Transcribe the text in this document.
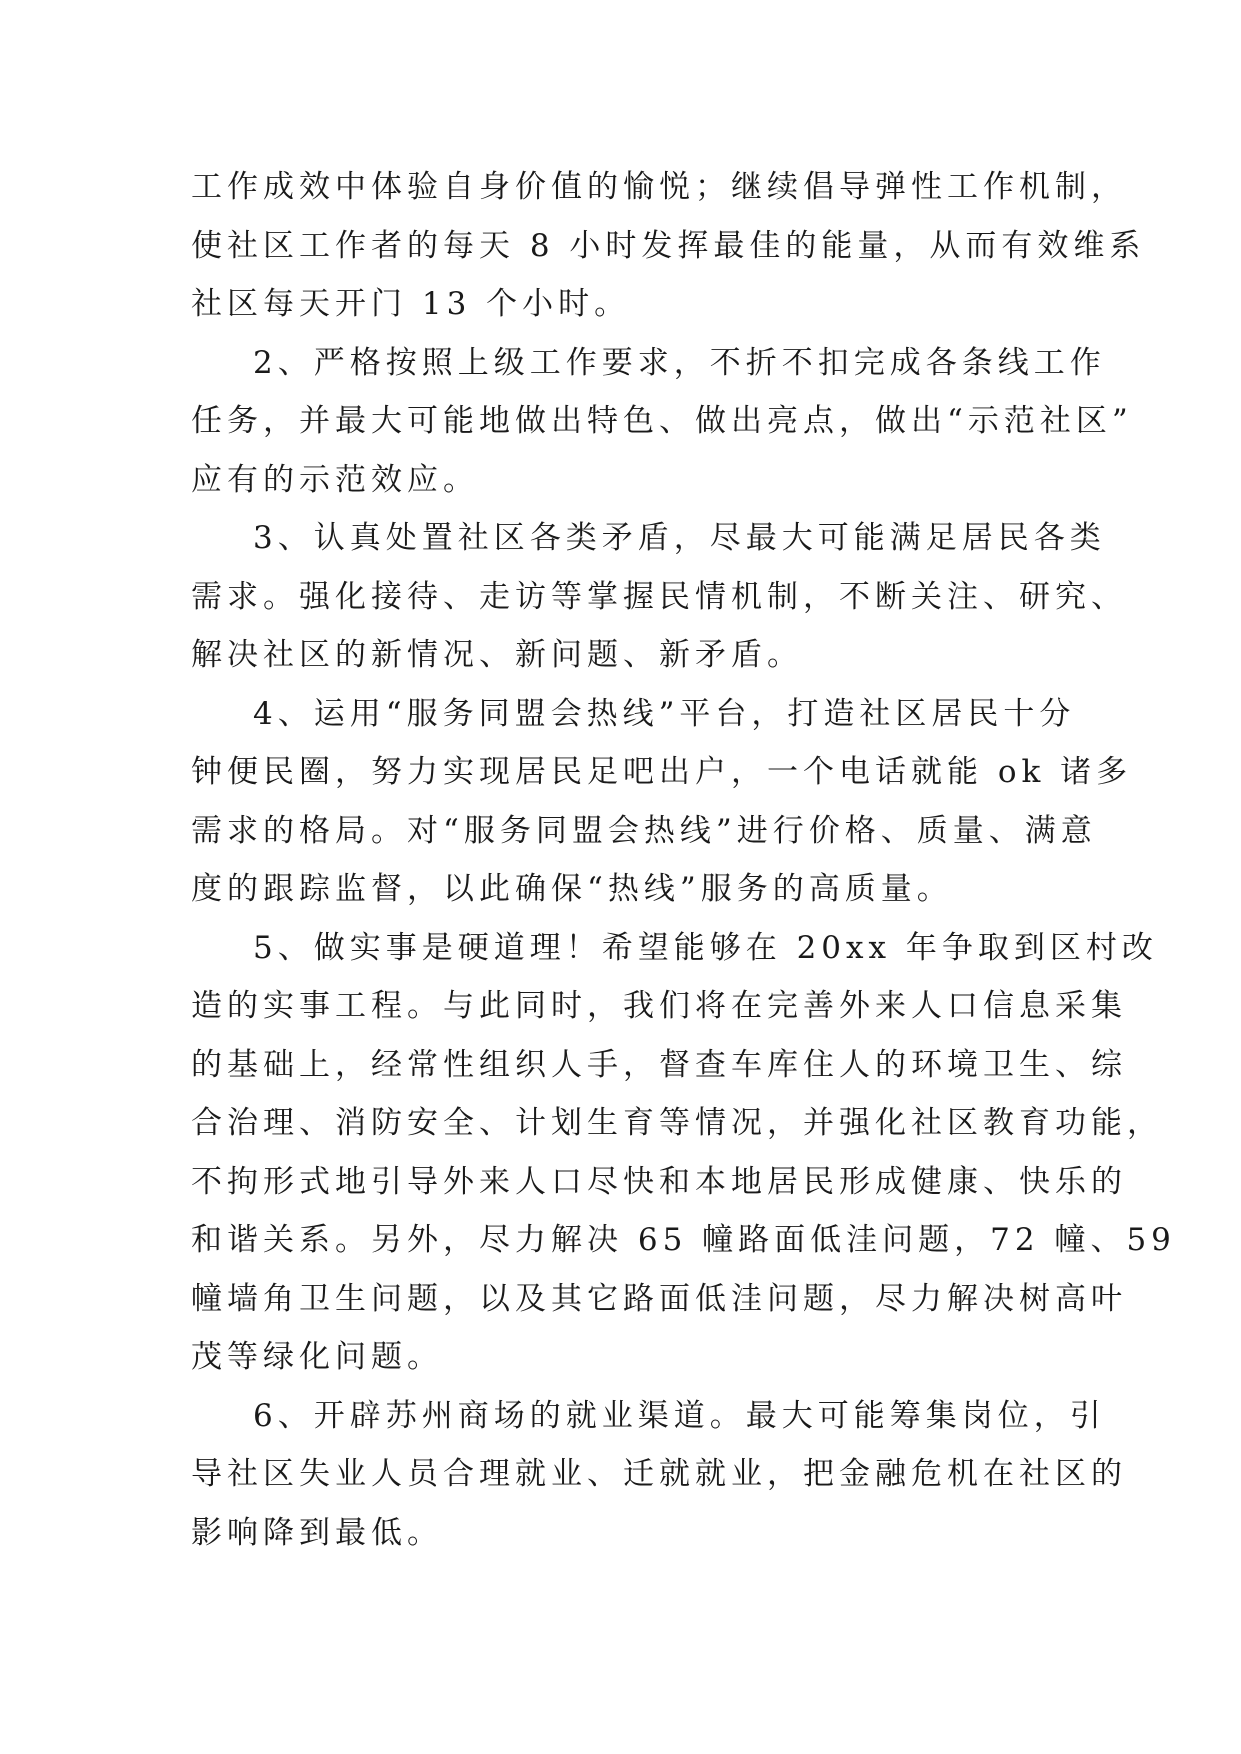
工作成效中体验自身价值的愉悦；继续倡导弹性工作机制，
使社区工作者的每天 8 小时发挥最佳的能量，从而有效维系
社区每天开门 13 个小时。
2、严格按照上级工作要求，不折不扣完成各条线工作
任务，并最大可能地做出特色、做出亮点，做出“示范社区”
应有的示范效应。
3、认真处置社区各类矛盾，尽最大可能满足居民各类
需求。强化接待、走访等掌握民情机制，不断关注、研究、
解决社区的新情况、新问题、新矛盾。
4、运用“服务同盟会热线”平台，打造社区居民十分
钟便民圈，努力实现居民足吧出户，一个电话就能 ok 诸多
需求的格局。对“服务同盟会热线”进行价格、质量、满意
度的跟踪监督，以此确保“热线”服务的高质量。
5、做实事是硬道理！希望能够在 20xx 年争取到区村改
造的实事工程。与此同时，我们将在完善外来人口信息采集
的基础上，经常性组织人手，督查车库住人的环境卫生、综
合治理、消防安全、计划生育等情况，并强化社区教育功能，
不拘形式地引导外来人口尽快和本地居民形成健康、快乐的
和谐关系。另外，尽力解决 65 幢路面低洼问题，72 幢、59
幢墙角卫生问题，以及其它路面低洼问题，尽力解决树高叶
茂等绿化问题。
6、开辟苏州商场的就业渠道。最大可能筹集岗位，引
导社区失业人员合理就业、迁就就业，把金融危机在社区的
影响降到最低。
